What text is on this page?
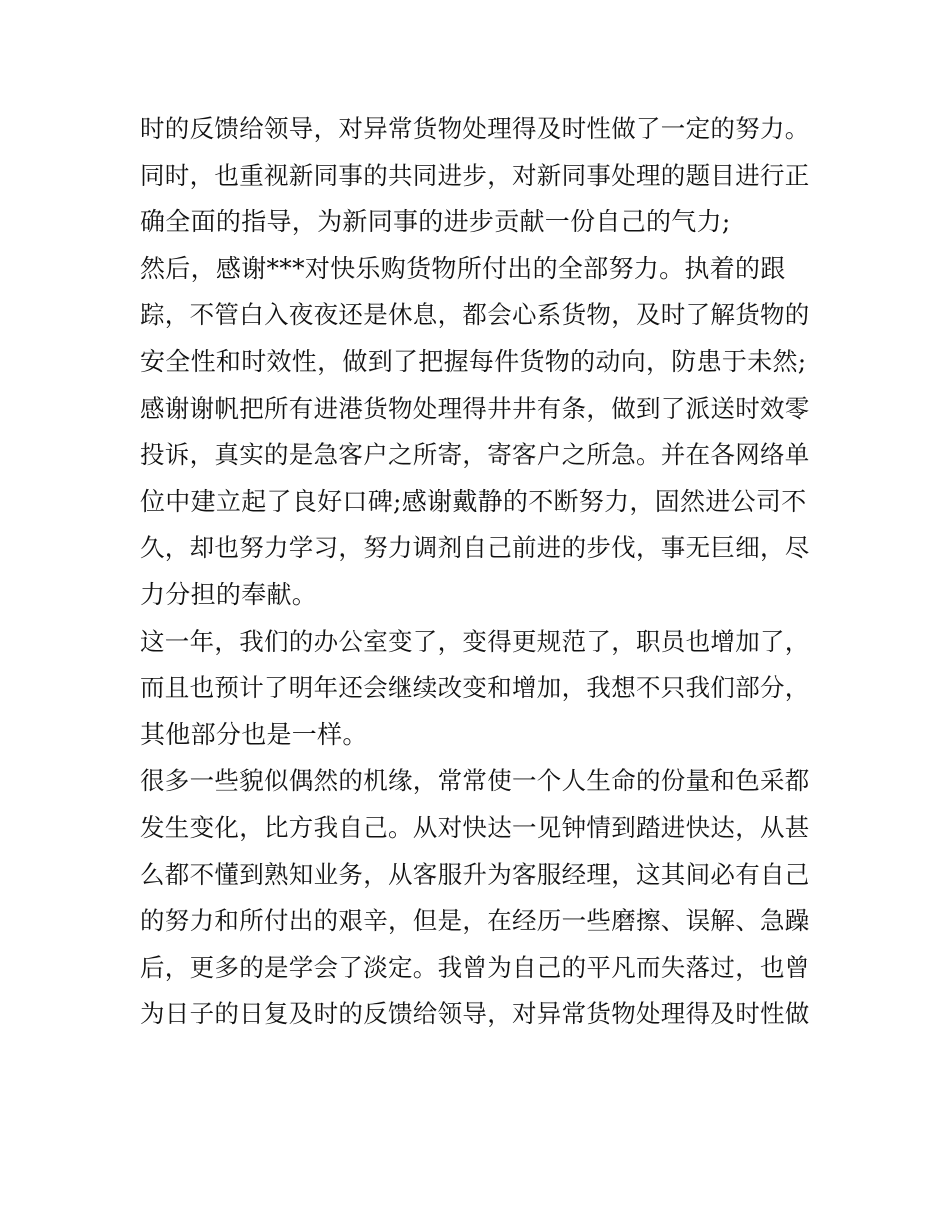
时的反馈给领导，对异常货物处理得及时性做了一定的努力。
同时，也重视新同事的共同进步，对新同事处理的题目进行正
确全面的指导，为新同事的进步贡献一份自己的气力;
然后，感谢***对快乐购货物所付出的全部努力。执着的跟
踪，不管白入夜夜还是休息，都会心系货物，及时了解货物的
安全性和时效性，做到了把握每件货物的动向，防患于未然;
感谢谢帆把所有进港货物处理得井井有条，做到了派送时效零
投诉，真实的是急客户之所寄，寄客户之所急。并在各网络单
位中建立起了良好口碑;感谢戴静的不断努力，固然进公司不
久，却也努力学习，努力调剂自己前进的步伐，事无巨细，尽
力分担的奉献。
这一年，我们的办公室变了，变得更规范了，职员也增加了，
而且也预计了明年还会继续改变和增加，我想不只我们部分，
其他部分也是一样。
很多一些貌似偶然的机缘，常常使一个人生命的份量和色采都
发生变化，比方我自己。从对快达一见钟情到踏进快达，从甚
么都不懂到熟知业务，从客服升为客服经理，这其间必有自己
的努力和所付出的艰辛，但是，在经历一些磨擦、误解、急躁
后，更多的是学会了淡定。我曾为自己的平凡而失落过，也曾
为日子的日复及时的反馈给领导，对异常货物处理得及时性做
